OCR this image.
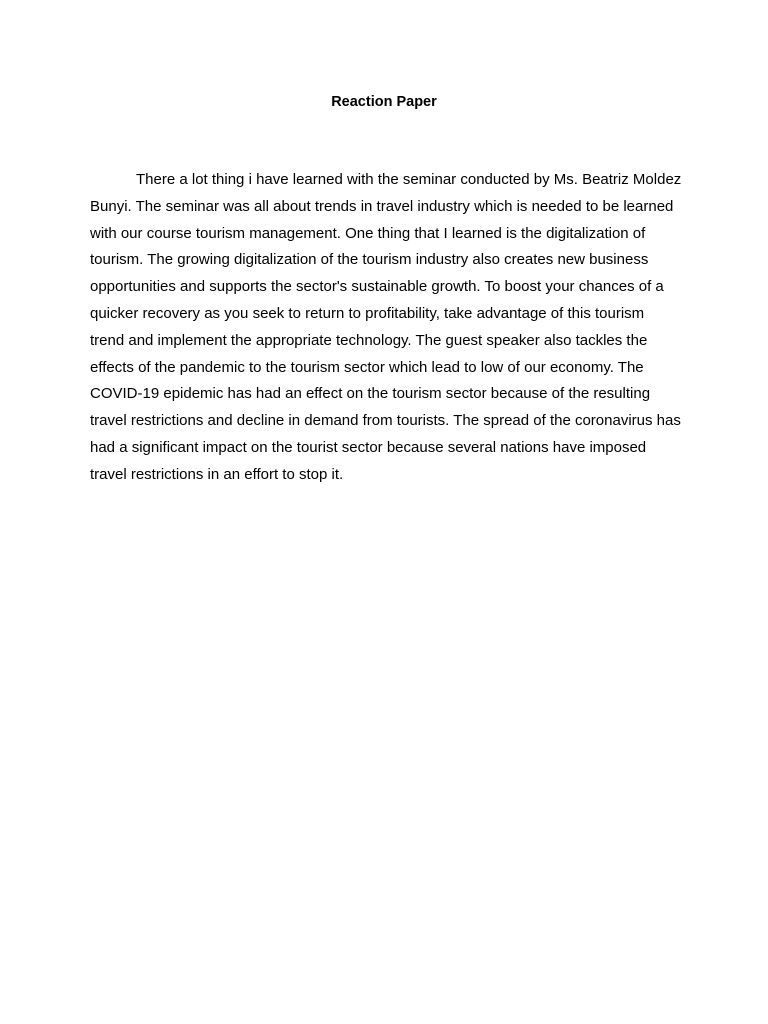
Reaction Paper

There a lot thing i have learned with the seminar conducted by Ms. Beatriz Moldez Bunyi. The seminar was all about trends in travel industry which is needed to be learned with our course tourism management. One thing that I learned is the digitalization of tourism. The growing digitalization of the tourism industry also creates new business opportunities and supports the sector's sustainable growth. To boost your chances of a quicker recovery as you seek to return to profitability, take advantage of this tourism trend and implement the appropriate technology. The guest speaker also tackles the effects of the pandemic to the tourism sector which lead to low of our economy. The COVID-19 epidemic has had an effect on the tourism sector because of the resulting travel restrictions and decline in demand from tourists. The spread of the coronavirus has had a significant impact on the tourist sector because several nations have imposed travel restrictions in an effort to stop it.
